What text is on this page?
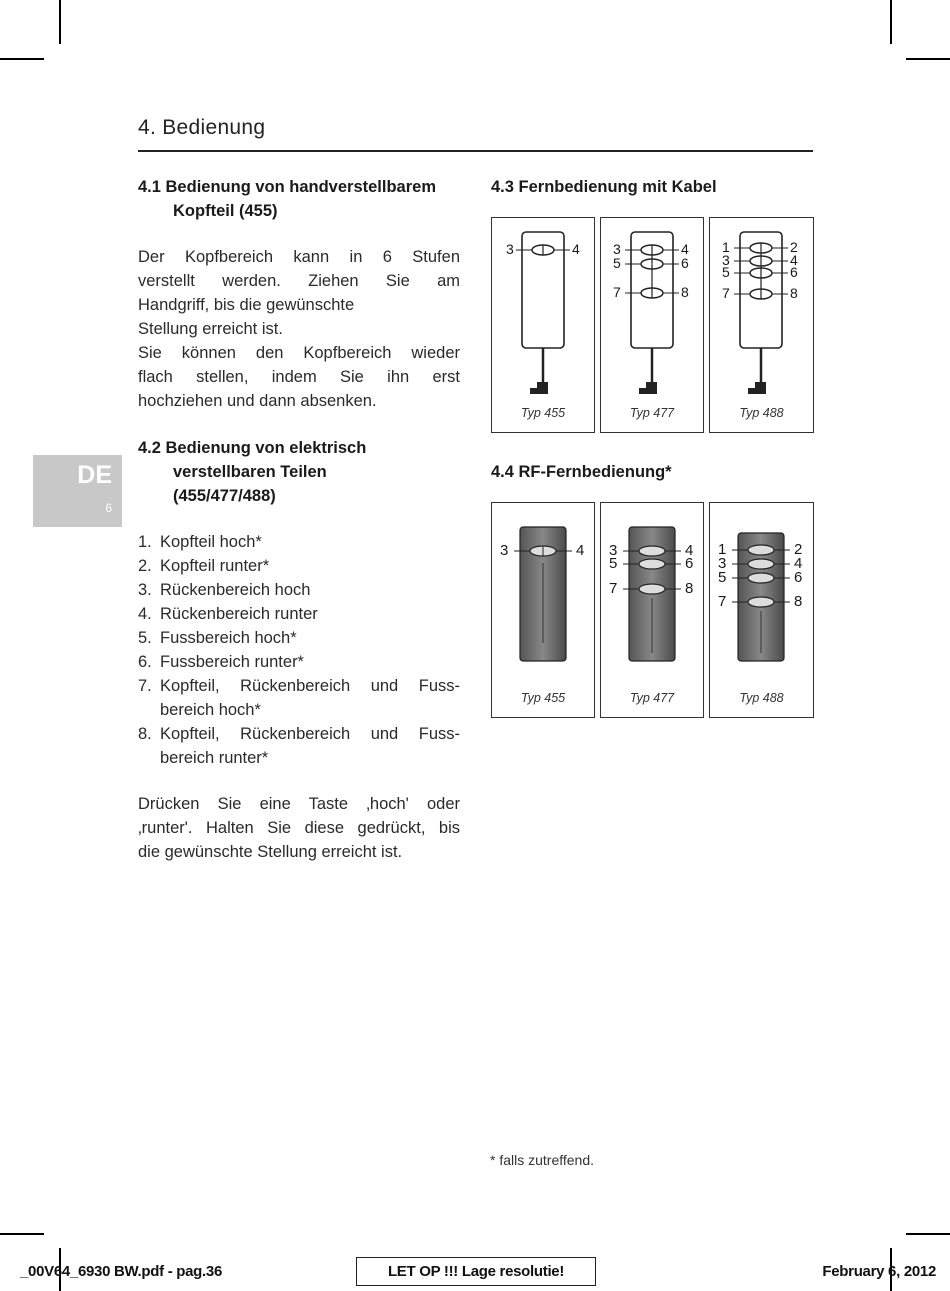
4. Bedienung
DE
6
4.1 Bedienung von handverstellbarem
Kopfteil (455)
Der Kopfbereich kann in 6 Stufen
verstellt werden. Ziehen Sie am
Handgriff, bis die gewünschte
Stellung erreicht ist.
Sie können den Kopfbereich wieder
flach stellen, indem Sie ihn erst
hochziehen und dann absenken.
4.2 Bedienung von elektrisch
verstellbaren Teilen
(455/477/488)
1. Kopfteil hoch*
2. Kopfteil runter*
3. Rückenbereich hoch
4. Rückenbereich runter
5. Fussbereich hoch*
6. Fussbereich runter*
7. Kopfteil, Rückenbereich und Fuss-
bereich hoch*
8. Kopfteil, Rückenbereich und Fuss-
bereich runter*
Drücken Sie eine Taste ‚hoch' oder
‚runter'. Halten Sie diese gedrückt, bis
die gewünschte Stellung erreicht ist.
4.3 Fernbedienung mit Kabel
3	4
Typ 455
3
5
7
4
6
8
Typ 477
1
3
5
7
2
4
6
8
Typ 488
4.4 RF-Fernbedienung*
3	4
Typ 455
3
5
7
4
6
8
Typ 477
1
3
5
7
2
4
6
8
Typ 488
* falls zutreffend.
_00V64_6930 BW.pdf - pag.36	LET OP !!! Lage resolutie!	February 6, 2012
